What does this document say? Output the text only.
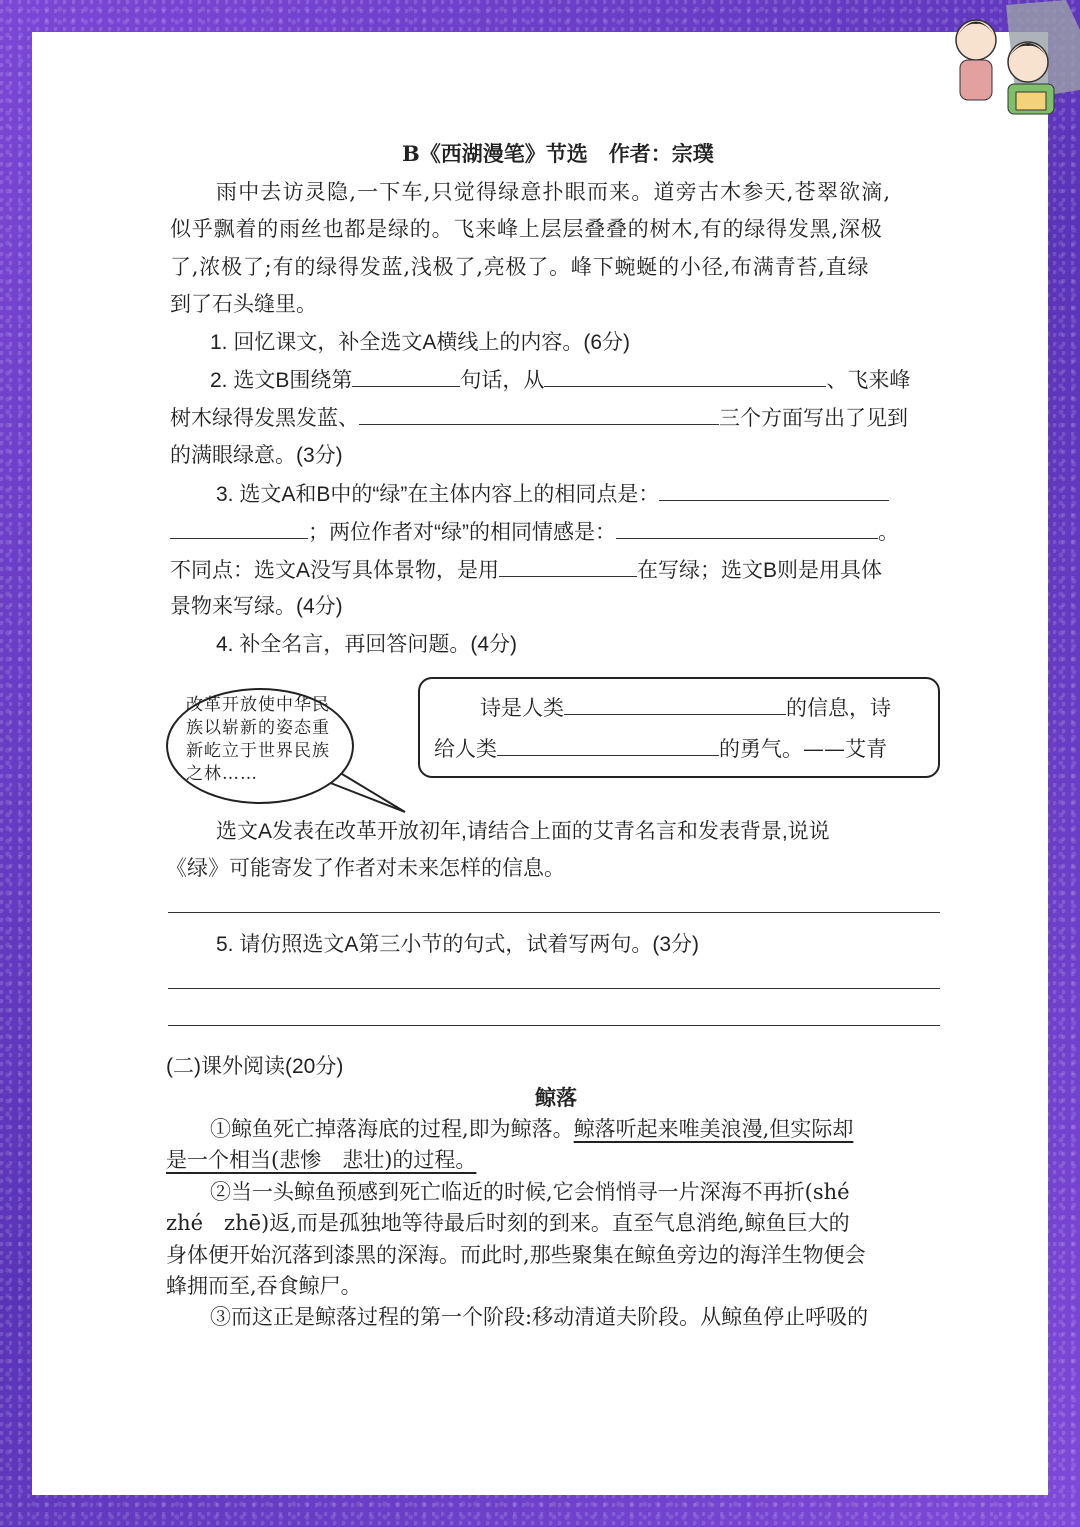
B《西湖漫笔》节选　作者：宗璞
雨中去访灵隐,一下车,只觉得绿意扑眼而来。道旁古木参天,苍翠欲滴,
似乎飘着的雨丝也都是绿的。飞来峰上层层叠叠的树木,有的绿得发黑,深极
了,浓极了;有的绿得发蓝,浅极了,亮极了。峰下蜿蜒的小径,布满青苔,直绿
到了石头缝里。
1. 回忆课文，补全选文A横线上的内容。(6分)
2. 选文B围绕第	句话，从	、飞来峰
树木绿得发黑发蓝、	三个方面写出了见到
的满眼绿意。(3分)
3. 选文A和B中的“绿”在主体内容上的相同点是：
；两位作者对“绿”的相同情感是：	。
不同点：选文A没写具体景物，是用	在写绿；选文B则是用具体
景物来写绿。(4分)
4. 补全名言，再回答问题。(4分)
改革开放使中华民族以崭新的姿态重新屹立于世界民族之林……
诗是人类	的信息，诗
给人类	的勇气。——艾青
选文A发表在改革开放初年,请结合上面的艾青名言和发表背景,说说
《绿》可能寄发了作者对未来怎样的信息。
5. 请仿照选文A第三小节的句式，试着写两句。(3分)
(二)课外阅读(20分)
鲸落
①鲸鱼死亡掉落海底的过程,即为鲸落。鲸落听起来唯美浪漫,但实际却
是一个相当(悲惨　悲壮)的过程。
②当一头鲸鱼预感到死亡临近的时候,它会悄悄寻一片深海不再折(shé
zhé　zhē)返,而是孤独地等待最后时刻的到来。直至气息消绝,鲸鱼巨大的
身体便开始沉落到漆黑的深海。而此时,那些聚集在鲸鱼旁边的海洋生物便会
蜂拥而至,吞食鲸尸。
③而这正是鲸落过程的第一个阶段:移动清道夫阶段。从鲸鱼停止呼吸的
